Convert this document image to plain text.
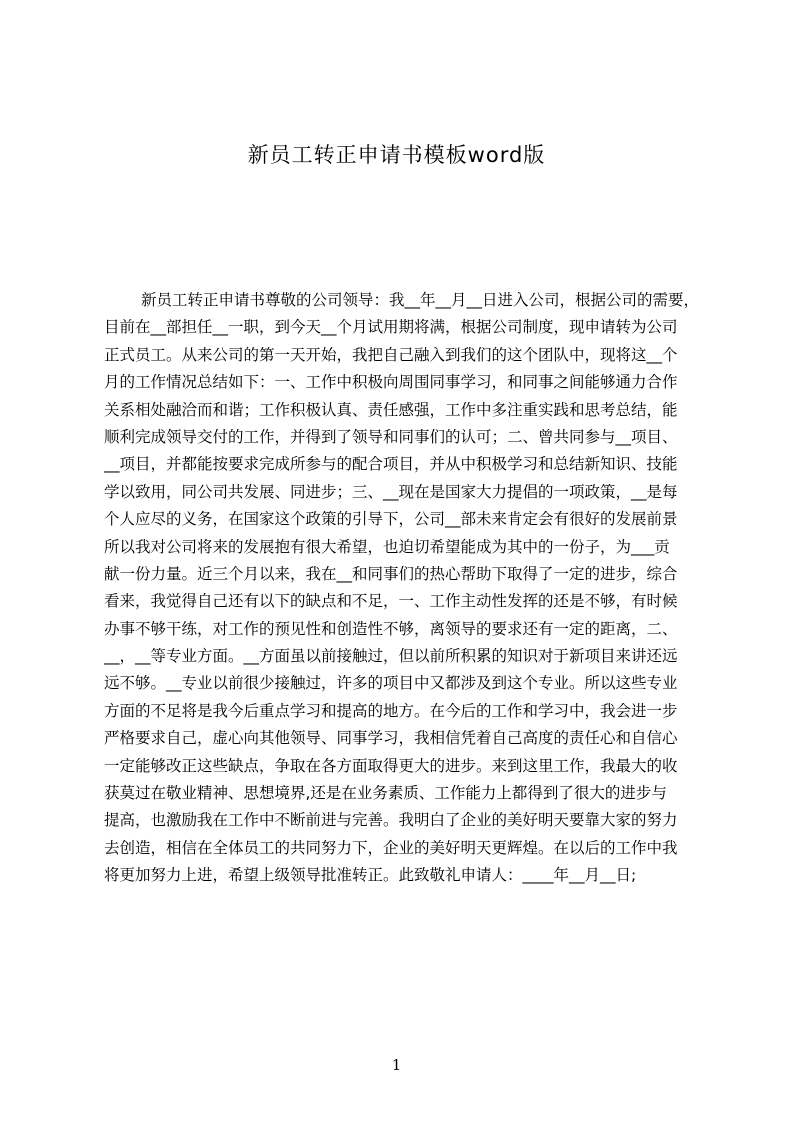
新员工转正申请书模板word版
新员工转正申请书尊敬的公司领导：我__年__月__日进入公司，根据公司的需要，
目前在__部担任__一职，到今天__个月试用期将满，根据公司制度，现申请转为公司
正式员工。从来公司的第一天开始，我把自己融入到我们的这个团队中，现将这__个
月的工作情况总结如下：一、工作中积极向周围同事学习，和同事之间能够通力合作
关系相处融洽而和谐；工作积极认真、责任感强，工作中多注重实践和思考总结，能
顺利完成领导交付的工作，并得到了领导和同事们的认可；二、曾共同参与__项目、
__项目，并都能按要求完成所参与的配合项目，并从中积极学习和总结新知识、技能
学以致用，同公司共发展、同进步；三、__现在是国家大力提倡的一项政策，__是每
个人应尽的义务，在国家这个政策的引导下，公司__部未来肯定会有很好的发展前景
所以我对公司将来的发展抱有很大希望，也迫切希望能成为其中的一份子，为___贡
献一份力量。近三个月以来，我在__和同事们的热心帮助下取得了一定的进步，综合
看来，我觉得自己还有以下的缺点和不足，一、工作主动性发挥的还是不够，有时候
办事不够干练，对工作的预见性和创造性不够，离领导的要求还有一定的距离，二、
__，__等专业方面。__方面虽以前接触过，但以前所积累的知识对于新项目来讲还远
远不够。__专业以前很少接触过，许多的项目中又都涉及到这个专业。所以这些专业
方面的不足将是我今后重点学习和提高的地方。在今后的工作和学习中，我会进一步
严格要求自己，虚心向其他领导、同事学习，我相信凭着自己高度的责任心和自信心
一定能够改正这些缺点，争取在各方面取得更大的进步。来到这里工作，我最大的收
获莫过在敬业精神、思想境界,还是在业务素质、工作能力上都得到了很大的进步与
提高，也激励我在工作中不断前进与完善。我明白了企业的美好明天要靠大家的努力
去创造，相信在全体员工的共同努力下，企业的美好明天更辉煌。在以后的工作中我
将更加努力上进，希望上级领导批准转正。此致敬礼申请人：____年__月__日;
1
